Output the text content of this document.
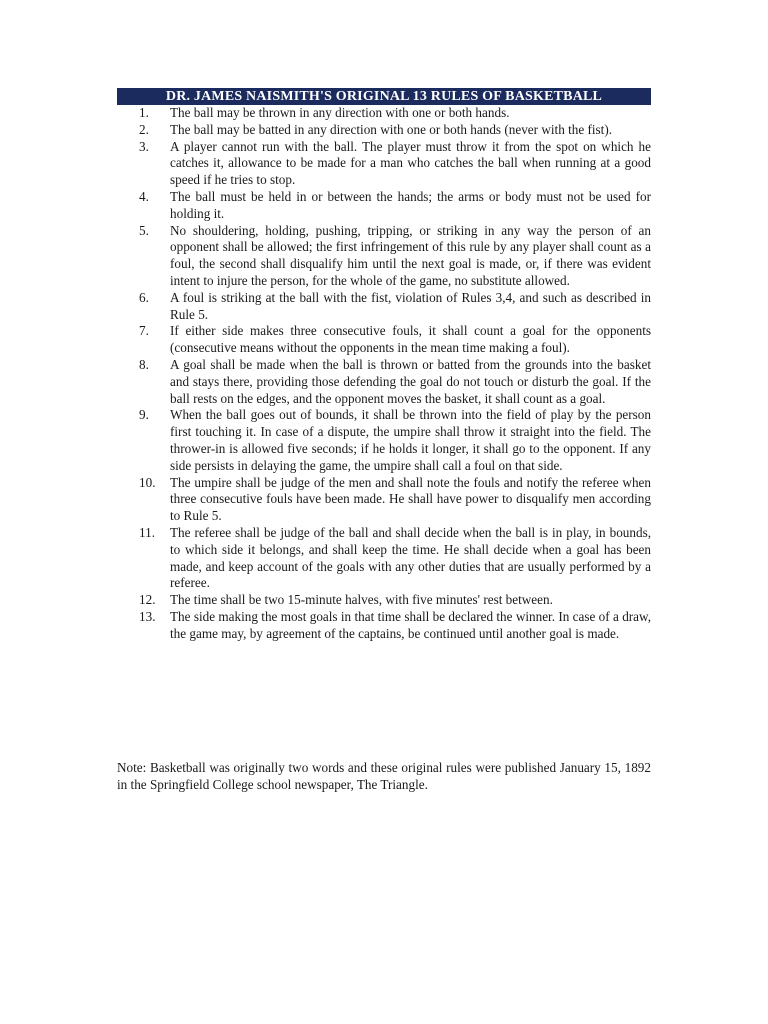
DR. JAMES NAISMITH'S ORIGINAL 13 RULES OF BASKETBALL
1.	The ball may be thrown in any direction with one or both hands.
2.	The ball may be batted in any direction with one or both hands (never with the fist).
3.	A player cannot run with the ball. The player must throw it from the spot on which he catches it, allowance to be made for a man who catches the ball when running at a good speed if he tries to stop.
4.	The ball must be held in or between the hands; the arms or body must not be used for holding it.
5.	No shouldering, holding, pushing, tripping, or striking in any way the person of an opponent shall be allowed; the first infringement of this rule by any player shall count as a foul, the second shall disqualify him until the next goal is made, or, if there was evident intent to injure the person, for the whole of the game, no substitute allowed.
6.	A foul is striking at the ball with the fist, violation of Rules 3,4, and such as described in Rule 5.
7.	If either side makes three consecutive fouls, it shall count a goal for the opponents (consecutive means without the opponents in the mean time making a foul).
8.	A goal shall be made when the ball is thrown or batted from the grounds into the basket and stays there, providing those defending the goal do not touch or disturb the goal. If the ball rests on the edges, and the opponent moves the basket, it shall count as a goal.
9.	When the ball goes out of bounds, it shall be thrown into the field of play by the person first touching it. In case of a dispute, the umpire shall throw it straight into the field. The thrower-in is allowed five seconds; if he holds it longer, it shall go to the opponent. If any side persists in delaying the game, the umpire shall call a foul on that side.
10.	The umpire shall be judge of the men and shall note the fouls and notify the referee when three consecutive fouls have been made. He shall have power to disqualify men according to Rule 5.
11.	The referee shall be judge of the ball and shall decide when the ball is in play, in bounds, to which side it belongs, and shall keep the time. He shall decide when a goal has been made, and keep account of the goals with any other duties that are usually performed by a referee.
12.	The time shall be two 15-minute halves, with five minutes' rest between.
13.	The side making the most goals in that time shall be declared the winner. In case of a draw, the game may, by agreement of the captains, be continued until another goal is made.

Note: Basketball was originally two words and these original rules were published January 15, 1892 in the Springfield College school newspaper, The Triangle.
